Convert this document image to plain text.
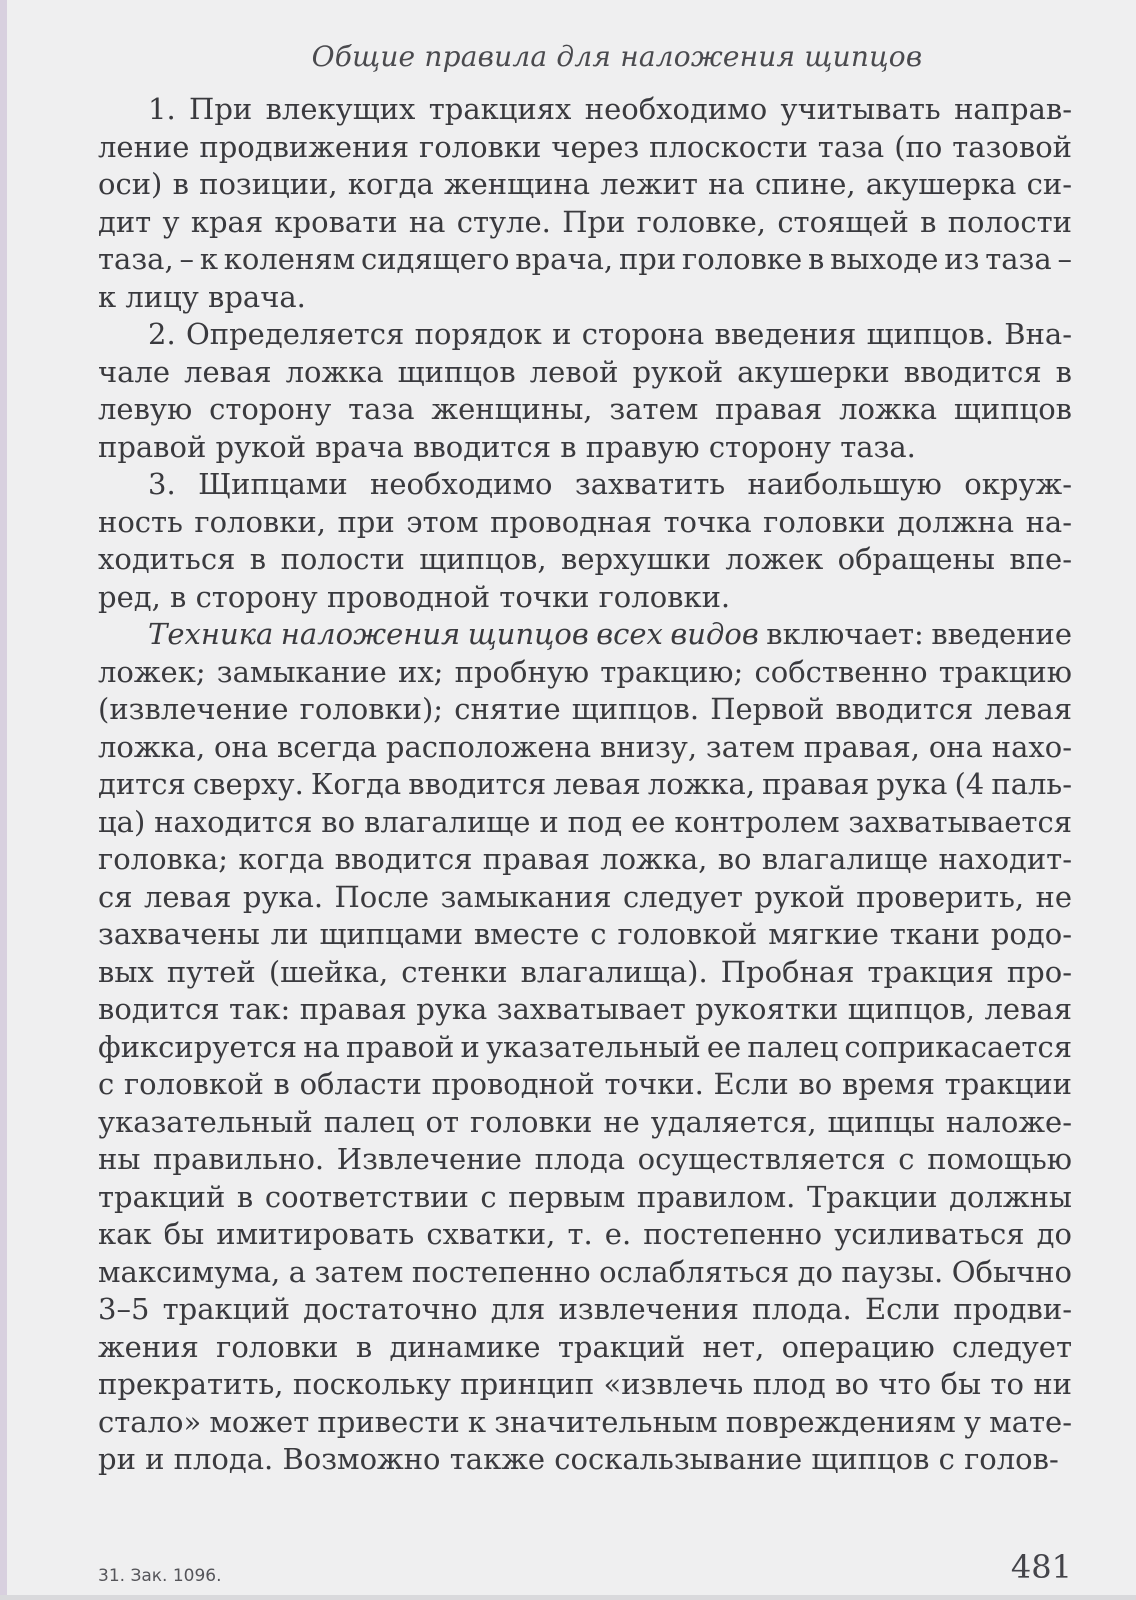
Общие правила для наложения щипцов
1. При влекущих тракциях необходимо учитывать направ-
ление продвижения головки через плоскости таза (по тазовой
оси) в позиции, когда женщина лежит на спине, акушерка си-
дит у края кровати на стуле. При головке, стоящей в полости
таза, – к коленям сидящего врача, при головке в выходе из таза –
к лицу врача.
2. Определяется порядок и сторона введения щипцов. Вна-
чале левая ложка щипцов левой рукой акушерки вводится в
левую сторону таза женщины, затем правая ложка щипцов
правой рукой врача вводится в правую сторону таза.
3. Щипцами необходимо захватить наибольшую окруж-
ность головки, при этом проводная точка головки должна на-
ходиться в полости щипцов, верхушки ложек обращены впе-
ред, в сторону проводной точки головки.
Техника наложения щипцов всех видов включает: введение
ложек; замыкание их; пробную тракцию; собственно тракцию
(извлечение головки); снятие щипцов. Первой вводится левая
ложка, она всегда расположена внизу, затем правая, она нахо-
дится сверху. Когда вводится левая ложка, правая рука (4 паль-
ца) находится во влагалище и под ее контролем захватывается
головка; когда вводится правая ложка, во влагалище находит-
ся левая рука. После замыкания следует рукой проверить, не
захвачены ли щипцами вместе с головкой мягкие ткани родо-
вых путей (шейка, стенки влагалища). Пробная тракция про-
водится так: правая рука захватывает рукоятки щипцов, левая
фиксируется на правой и указательный ее палец соприкасается
с головкой в области проводной точки. Если во время тракции
указательный палец от головки не удаляется, щипцы наложе-
ны правильно. Извлечение плода осуществляется с помощью
тракций в соответствии с первым правилом. Тракции должны
как бы имитировать схватки, т. е. постепенно усиливаться до
максимума, а затем постепенно ослабляться до паузы. Обычно
3–5 тракций достаточно для извлечения плода. Если продви-
жения головки в динамике тракций нет, операцию следует
прекратить, поскольку принцип «извлечь плод во что бы то ни
стало» может привести к значительным повреждениям у мате-
ри и плода. Возможно также соскальзывание щипцов с голов-
31. Зак. 1096.	481
